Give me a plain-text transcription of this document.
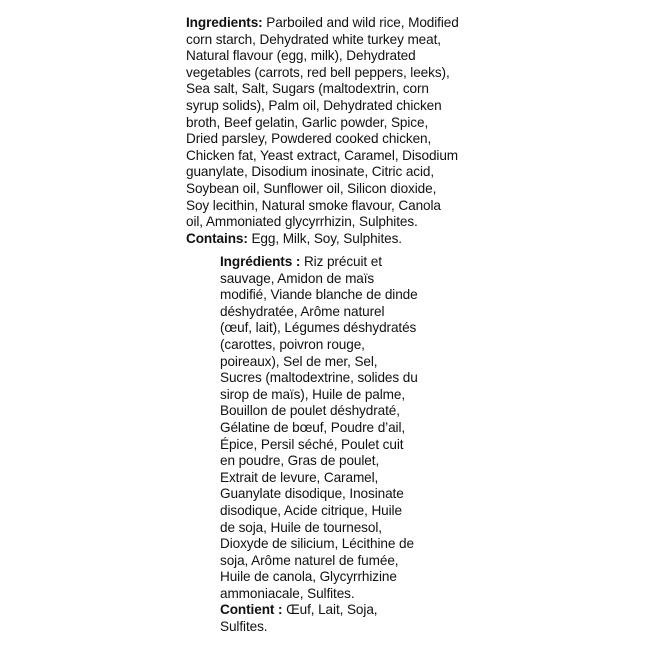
Ingredients: Parboiled and wild rice, Modified
corn starch, Dehydrated white turkey meat,
Natural flavour (egg, milk), Dehydrated
vegetables (carrots, red bell peppers, leeks),
Sea salt, Salt, Sugars (maltodextrin, corn
syrup solids), Palm oil, Dehydrated chicken
broth, Beef gelatin, Garlic powder, Spice,
Dried parsley, Powdered cooked chicken,
Chicken fat, Yeast extract, Caramel, Disodium
guanylate, Disodium inosinate, Citric acid,
Soybean oil, Sunflower oil, Silicon dioxide,
Soy lecithin, Natural smoke flavour, Canola
oil, Ammoniated glycyrrhizin, Sulphites.
Contains: Egg, Milk, Soy, Sulphites.
Ingrédients : Riz précuit et
sauvage, Amidon de maïs
modifié, Viande blanche de dinde
déshydratée, Arôme naturel
(œuf, lait), Légumes déshydratés
(carottes, poivron rouge,
poireaux), Sel de mer, Sel,
Sucres (maltodextrine, solides du
sirop de maïs), Huile de palme,
Bouillon de poulet déshydraté,
Gélatine de bœuf, Poudre d’ail,
Épice, Persil séché, Poulet cuit
en poudre, Gras de poulet,
Extrait de levure, Caramel,
Guanylate disodique, Inosinate
disodique, Acide citrique, Huile
de soja, Huile de tournesol,
Dioxyde de silicium, Lécithine de
soja, Arôme naturel de fumée,
Huile de canola, Glycyrrhizine
ammoniacale, Sulfites.
Contient : Œuf, Lait, Soja,
Sulfites.
